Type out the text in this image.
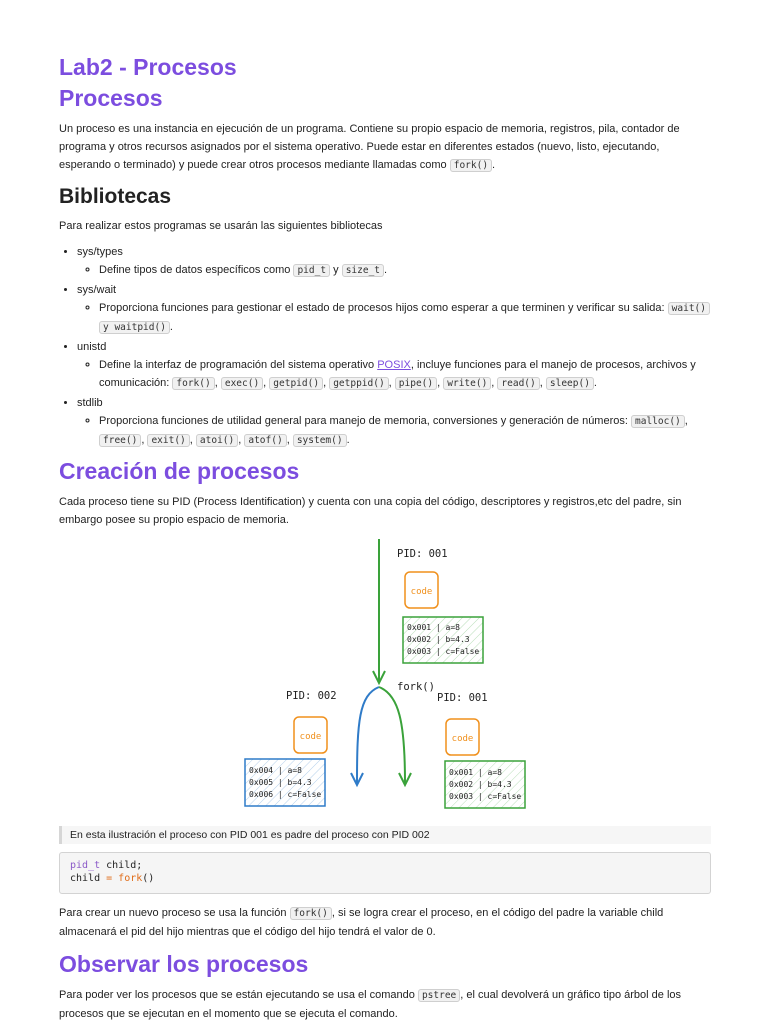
Lab2 - Procesos
Procesos

Un proceso es una instancia en ejecución de un programa. Contiene su propio espacio de memoria, registros, pila, contador de programa y otros recursos asignados por el sistema operativo. Puede estar en diferentes estados (nuevo, listo, ejecutando, esperando o terminado) y puede crear otros procesos mediante llamadas como fork() .

Bibliotecas

Para realizar estos programas se usarán las siguientes bibliotecas

• sys/types
◦ Define tipos de datos específicos como pid_t y size_t .
• sys/wait
◦ Proporciona funciones para gestionar el estado de procesos hijos como esperar a que terminen y verificar su salida: wait() y waitpid() .
• unistd
◦ Define la interfaz de programación del sistema operativo POSIX, incluye funciones para el manejo de procesos, archivos y comunicación: fork() , exec() , getpid() , getppid() , pipe() , write() , read() , sleep() .
• stdlib
◦ Proporciona funciones de utilidad general para manejo de memoria, conversiones y generación de números: malloc() , free() , exit() , atoi() , atof() , system() .
Creación de procesos

Cada proceso tiene su PID (Process Identification) y cuenta con una copia del código, descriptores y registros,etc del padre, sin embargo posee su propio espacio de memoria.

PID: 001
fork()
PID: 002	PID: 001
code
code	code
0x001 | a=8
0x002 | b=4.3
0x003 | c=False
0x004 | a=8
0x005 | b=4.3
0x006 | c=False
0x001 | a=8
0x002 | b=4.3
0x003 | c=False
En esta ilustración el proceso con PID 001 es padre del proceso con PID 002
pid_t child;
child = fork()

Para crear un nuevo proceso se usa la función fork() , si se logra crear el proceso, en el código del padre la variable child almacenará el pid del hijo mientras que el código del hijo tendrá el valor de 0.

Observar los procesos

Para poder ver los procesos que se están ejecutando se usa el comando pstree , el cual devolverá un gráfico tipo árbol de los procesos que se ejecutan en el momento que se ejecuta el comando.
